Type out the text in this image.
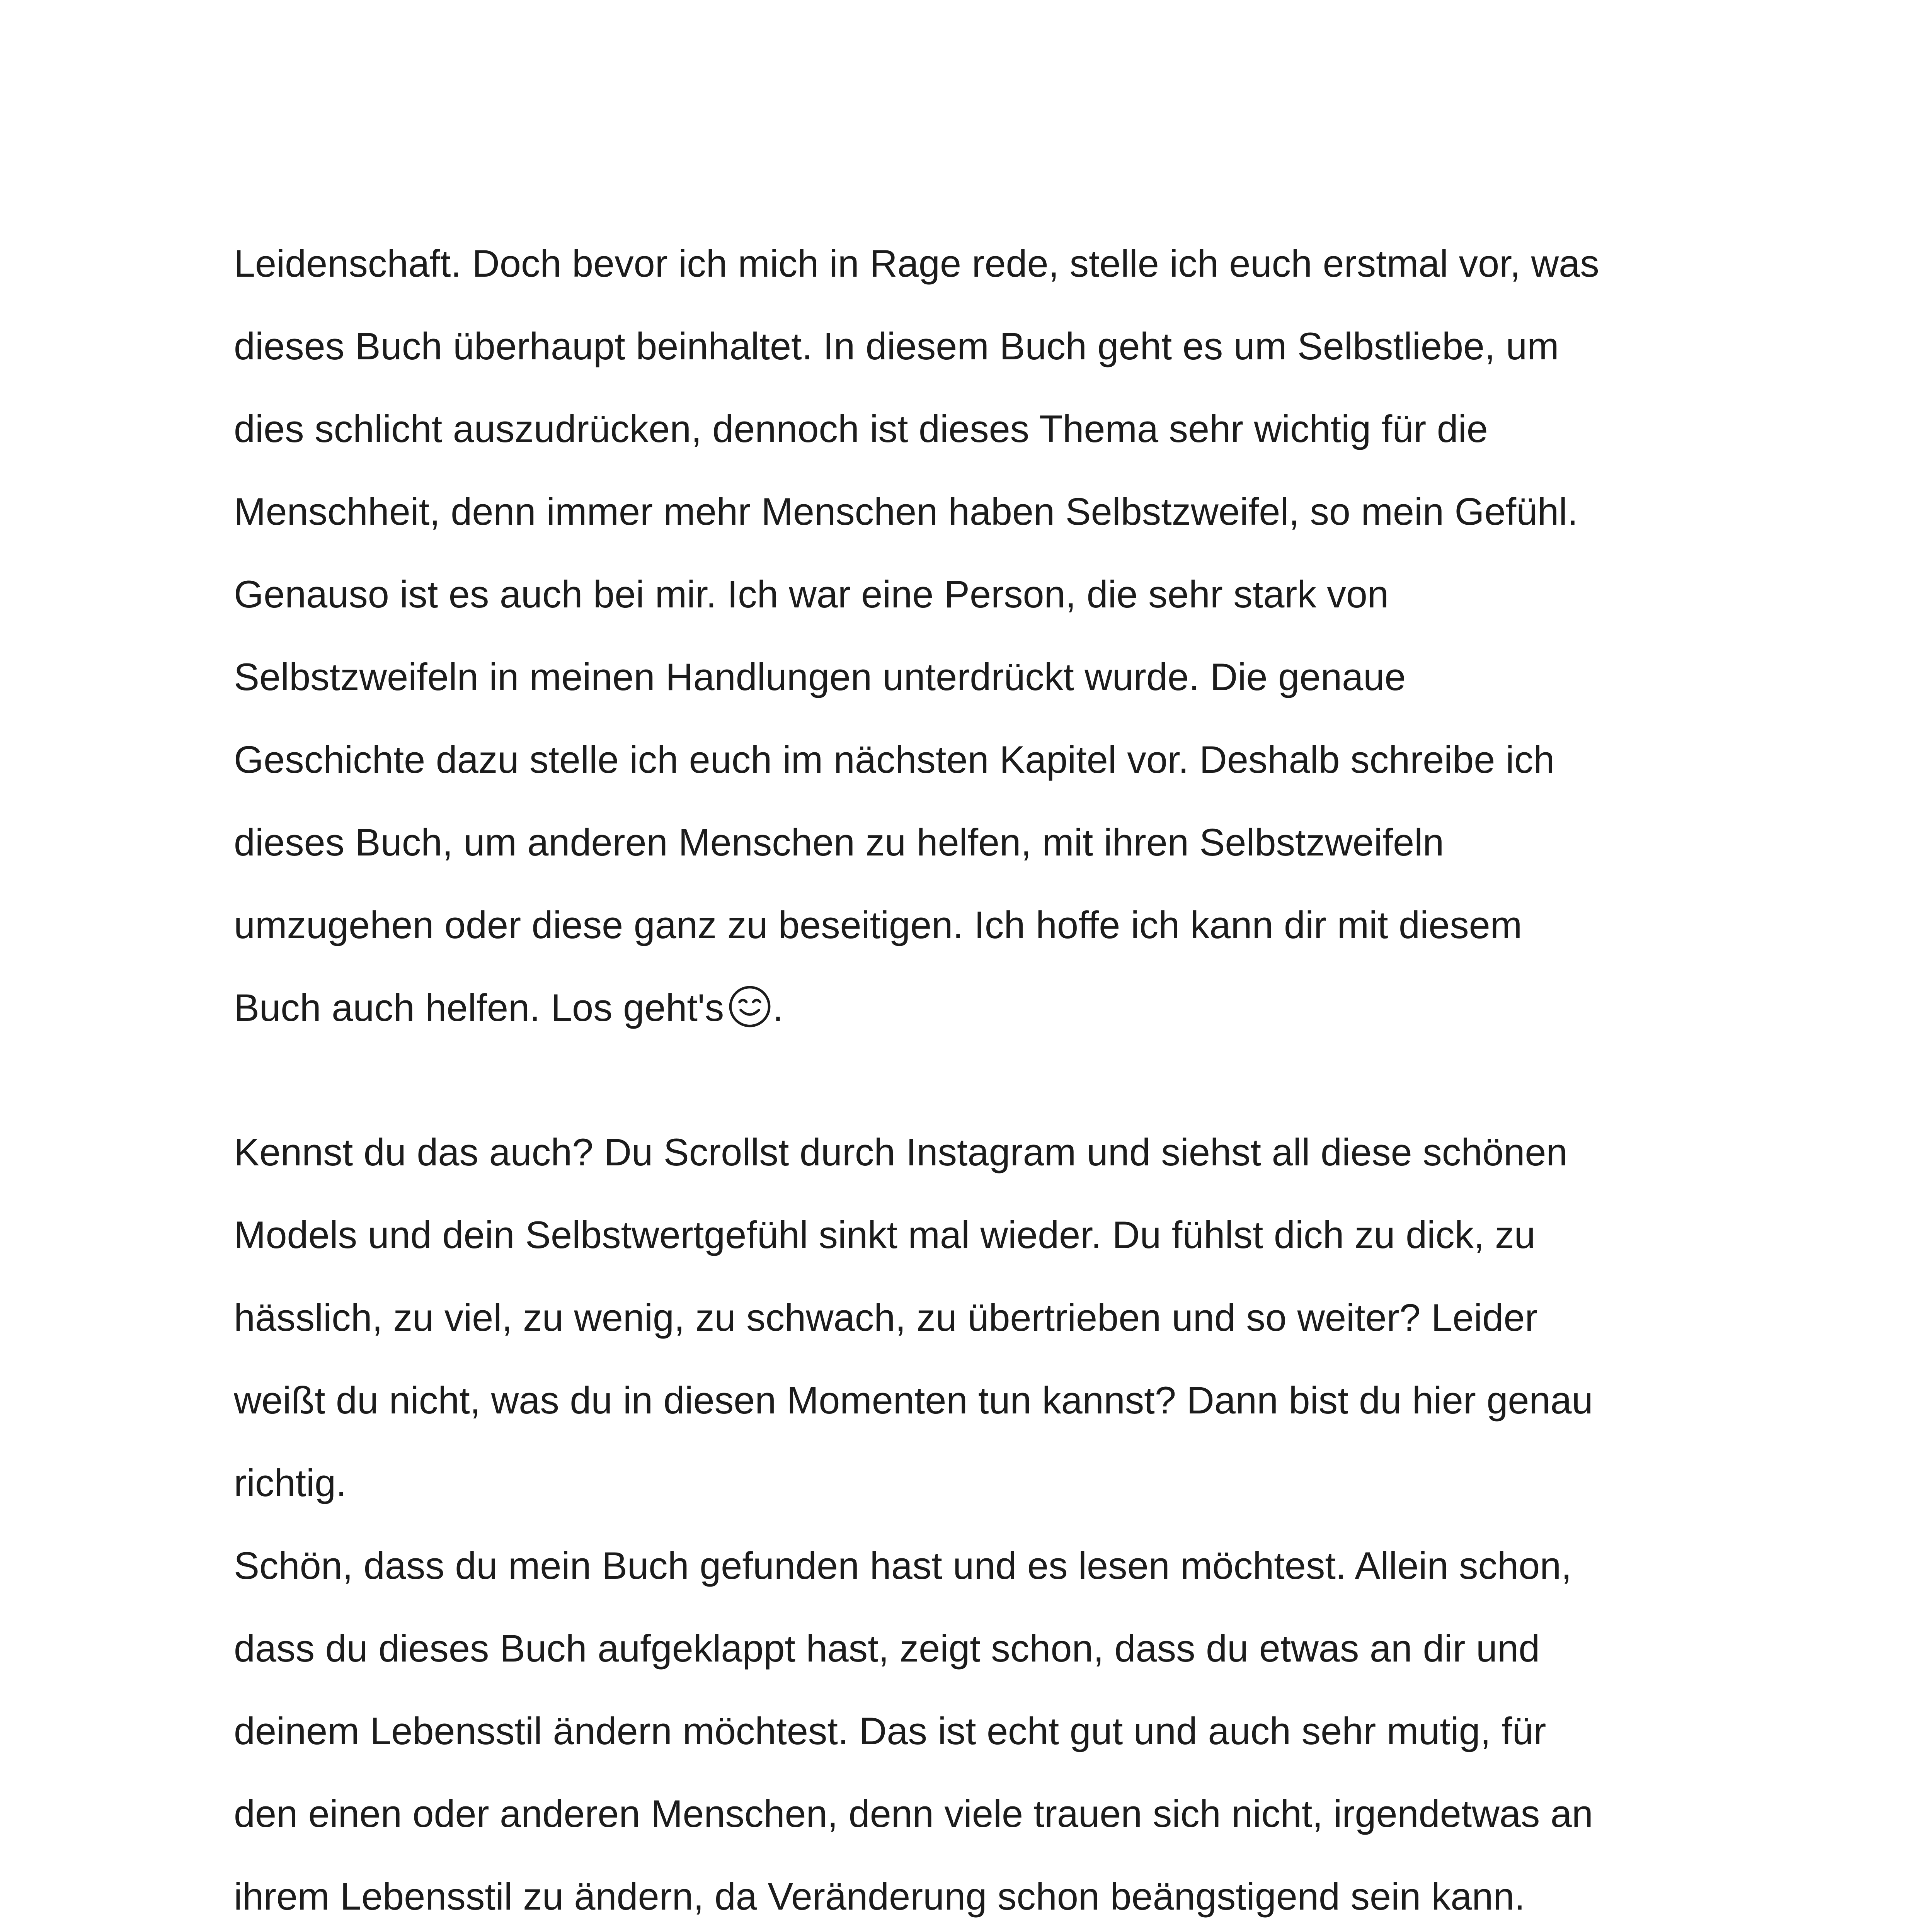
Leidenschaft. Doch bevor ich mich in Rage rede, stelle ich euch erstmal vor, was
dieses Buch überhaupt beinhaltet. In diesem Buch geht es um Selbstliebe, um
dies schlicht auszudrücken, dennoch ist dieses Thema sehr wichtig für die
Menschheit, denn immer mehr Menschen haben Selbstzweifel, so mein Gefühl.
Genauso ist es auch bei mir. Ich war eine Person, die sehr stark von
Selbstzweifeln in meinen Handlungen unterdrückt wurde. Die genaue
Geschichte dazu stelle ich euch im nächsten Kapitel vor. Deshalb schreibe ich
dieses Buch, um anderen Menschen zu helfen, mit ihren Selbstzweifeln
umzugehen oder diese ganz zu beseitigen. Ich hoffe ich kann dir mit diesem
Buch auch helfen. Los geht's .
Kennst du das auch? Du Scrollst durch Instagram und siehst all diese schönen
Models und dein Selbstwertgefühl sinkt mal wieder. Du fühlst dich zu dick, zu
hässlich, zu viel, zu wenig, zu schwach, zu übertrieben und so weiter? Leider
weißt du nicht, was du in diesen Momenten tun kannst? Dann bist du hier genau
richtig.
Schön, dass du mein Buch gefunden hast und es lesen möchtest. Allein schon,
dass du dieses Buch aufgeklappt hast, zeigt schon, dass du etwas an dir und
deinem Lebensstil ändern möchtest. Das ist echt gut und auch sehr mutig, für
den einen oder anderen Menschen, denn viele trauen sich nicht, irgendetwas an
ihrem Lebensstil zu ändern, da Veränderung schon beängstigend sein kann.
